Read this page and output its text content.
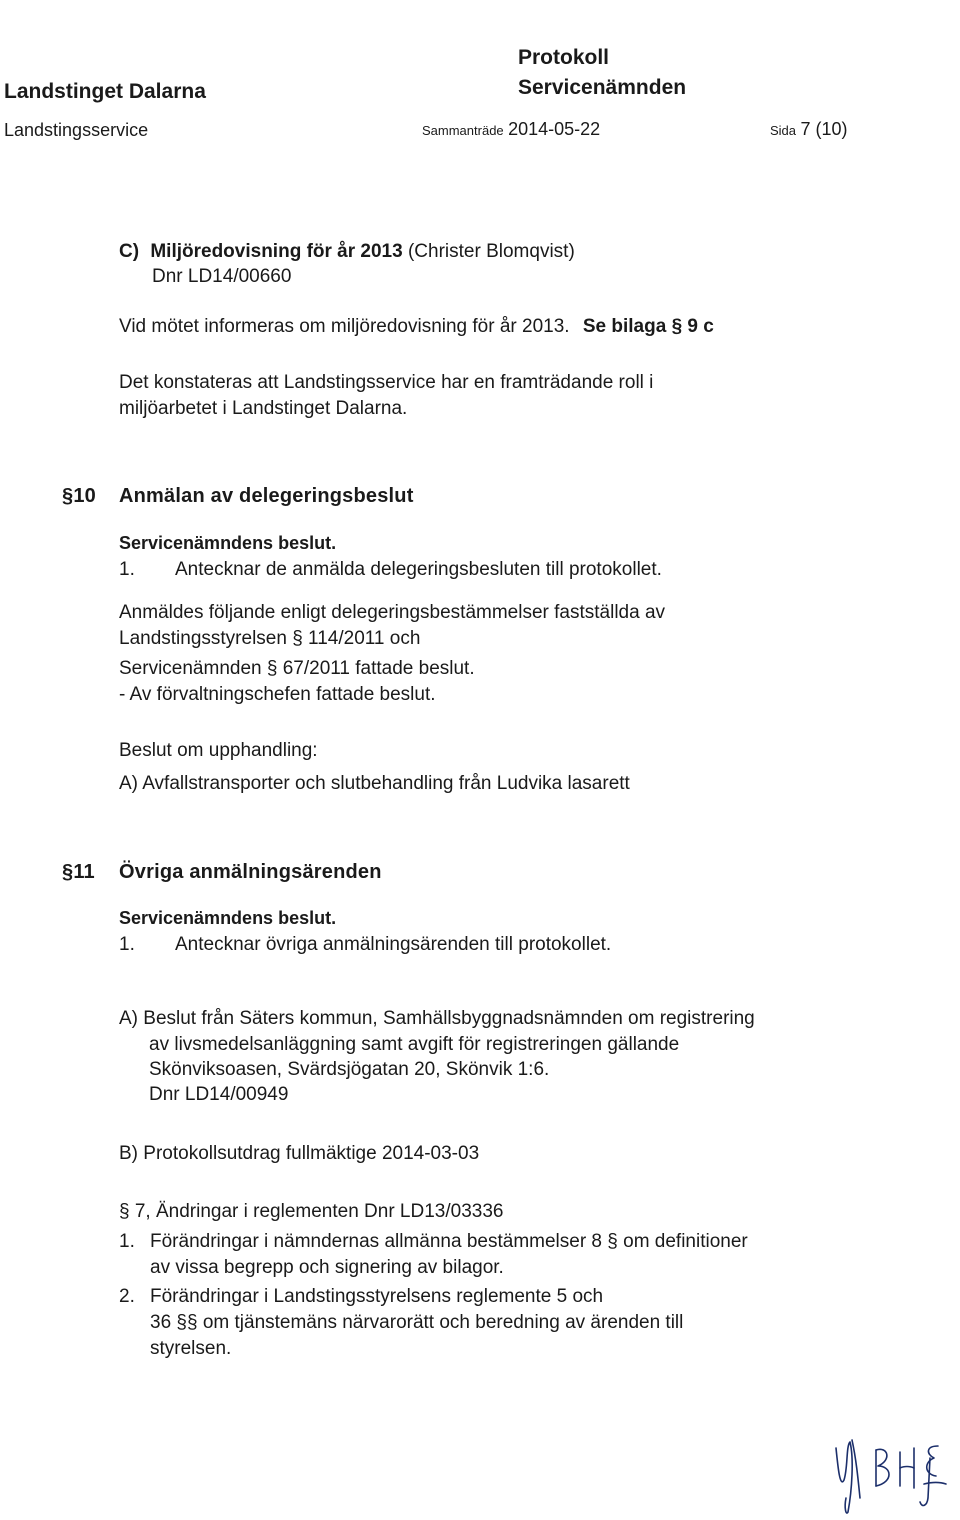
Landstinget Dalarna
Landstingsservice
Protokoll
Servicenämnden
Sammanträde 2014-05-22	Sida 7 (10)
C) Miljöredovisning för år 2013 (Christer Blomqvist)
Dnr LD14/00660
Vid mötet informeras om miljöredovisning för år 2013. Se bilaga § 9 c
Det konstateras att Landstingsservice har en framträdande roll i
miljöarbetet i Landstinget Dalarna.
§10 Anmälan av delegeringsbeslut
Servicenämndens beslut.
1. Antecknar de anmälda delegeringsbesluten till protokollet.
Anmäldes följande enligt delegeringsbestämmelser fastställda av
Landstingsstyrelsen § 114/2011 och
Servicenämnden § 67/2011 fattade beslut.
- Av förvaltningschefen fattade beslut.
Beslut om upphandling:
A) Avfallstransporter och slutbehandling från Ludvika lasarett
§11 Övriga anmälningsärenden
Servicenämndens beslut.
1. Antecknar övriga anmälningsärenden till protokollet.
A) Beslut från Säters kommun, Samhällsbyggnadsnämnden om registrering
av livsmedelsanläggning samt avgift för registreringen gällande
Skönviksoasen, Svärdsjögatan 20, Skönvik 1:6.
Dnr LD14/00949
B) Protokollsutdrag fullmäktige 2014-03-03
§ 7, Ändringar i reglementen Dnr LD13/03336
1. Förändringar i nämndernas allmänna bestämmelser 8 § om definitioner
av vissa begrepp och signering av bilagor.
2. Förändringar i Landstingsstyrelsens reglemente 5 och
36 §§ om tjänstemäns närvarorätt och beredning av ärenden till
styrelsen.
